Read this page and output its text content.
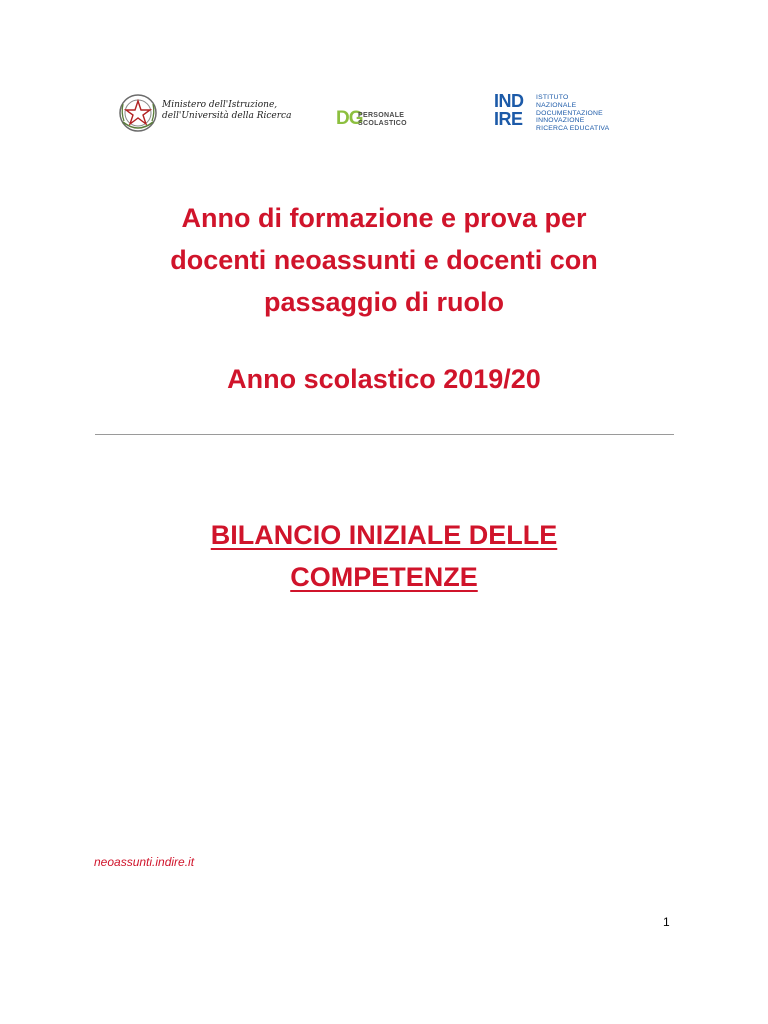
Ministero dell'Istruzione,
dell'Università della Ricerca DG
PERSONALE
SCOLASTICO
IND
IRE
ISTITUTO
NAZIONALE
DOCUMENTAZIONE
INNOVAZIONE
RICERCA EDUCATIVA
Anno di formazione e prova per
docenti neoassunti e docenti con
passaggio di ruolo
Anno scolastico 2019/20
BILANCIO INIZIALE DELLE
COMPETENZE
neoassunti.indire.it
1
